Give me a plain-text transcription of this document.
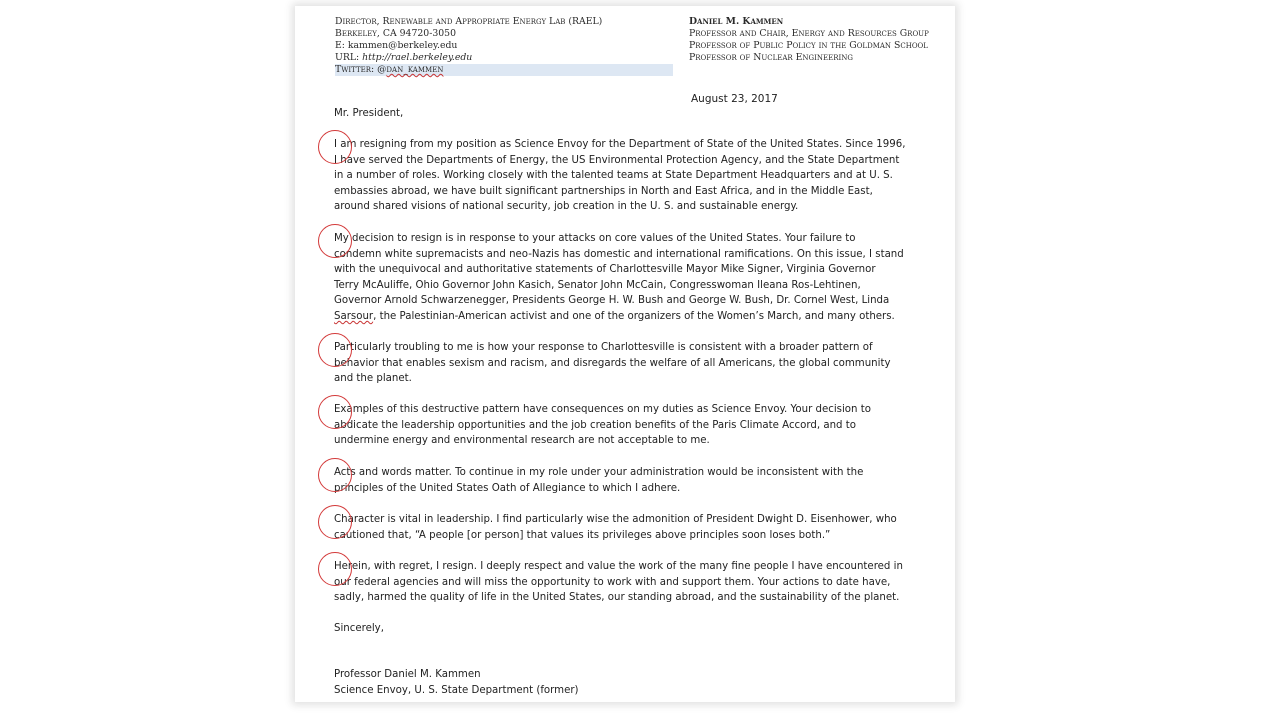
Director, Renewable and Appropriate Energy Lab (RAEL)
Berkeley, CA 94720-3050
E: kammen@berkeley.edu
URL: http://rael.berkeley.edu
Twitter: @dan_kammen
Daniel M. Kammen
Professor and Chair, Energy and Resources Group
Professor of Public Policy in the Goldman School
Professor of Nuclear Engineering
August 23, 2017
Mr. President,
I am resigning from my position as Science Envoy for the Department of State of the United States. Since 1996,
I have served the Departments of Energy, the US Environmental Protection Agency, and the State Department
in a number of roles. Working closely with the talented teams at State Department Headquarters and at U. S.
embassies abroad, we have built significant partnerships in North and East Africa, and in the Middle East,
around shared visions of national security, job creation in the U. S. and sustainable energy.
My decision to resign is in response to your attacks on core values of the United States. Your failure to
condemn white supremacists and neo-Nazis has domestic and international ramifications. On this issue, I stand
with the unequivocal and authoritative statements of Charlottesville Mayor Mike Signer, Virginia Governor
Terry McAuliffe, Ohio Governor John Kasich, Senator John McCain, Congresswoman Ileana Ros-Lehtinen,
Governor Arnold Schwarzenegger, Presidents George H. W. Bush and George W. Bush, Dr. Cornel West, Linda
Sarsour, the Palestinian-American activist and one of the organizers of the Women’s March, and many others.
Particularly troubling to me is how your response to Charlottesville is consistent with a broader pattern of
behavior that enables sexism and racism, and disregards the welfare of all Americans, the global community
and the planet.
Examples of this destructive pattern have consequences on my duties as Science Envoy. Your decision to
abdicate the leadership opportunities and the job creation benefits of the Paris Climate Accord, and to
undermine energy and environmental research are not acceptable to me.
Acts and words matter. To continue in my role under your administration would be inconsistent with the
principles of the United States Oath of Allegiance to which I adhere.
Character is vital in leadership. I find particularly wise the admonition of President Dwight D. Eisenhower, who
cautioned that, “A people [or person] that values its privileges above principles soon loses both.”
Herein, with regret, I resign. I deeply respect and value the work of the many fine people I have encountered in
our federal agencies and will miss the opportunity to work with and support them. Your actions to date have,
sadly, harmed the quality of life in the United States, our standing abroad, and the sustainability of the planet.
Sincerely,
Professor Daniel M. Kammen
Science Envoy, U. S. State Department (former)
